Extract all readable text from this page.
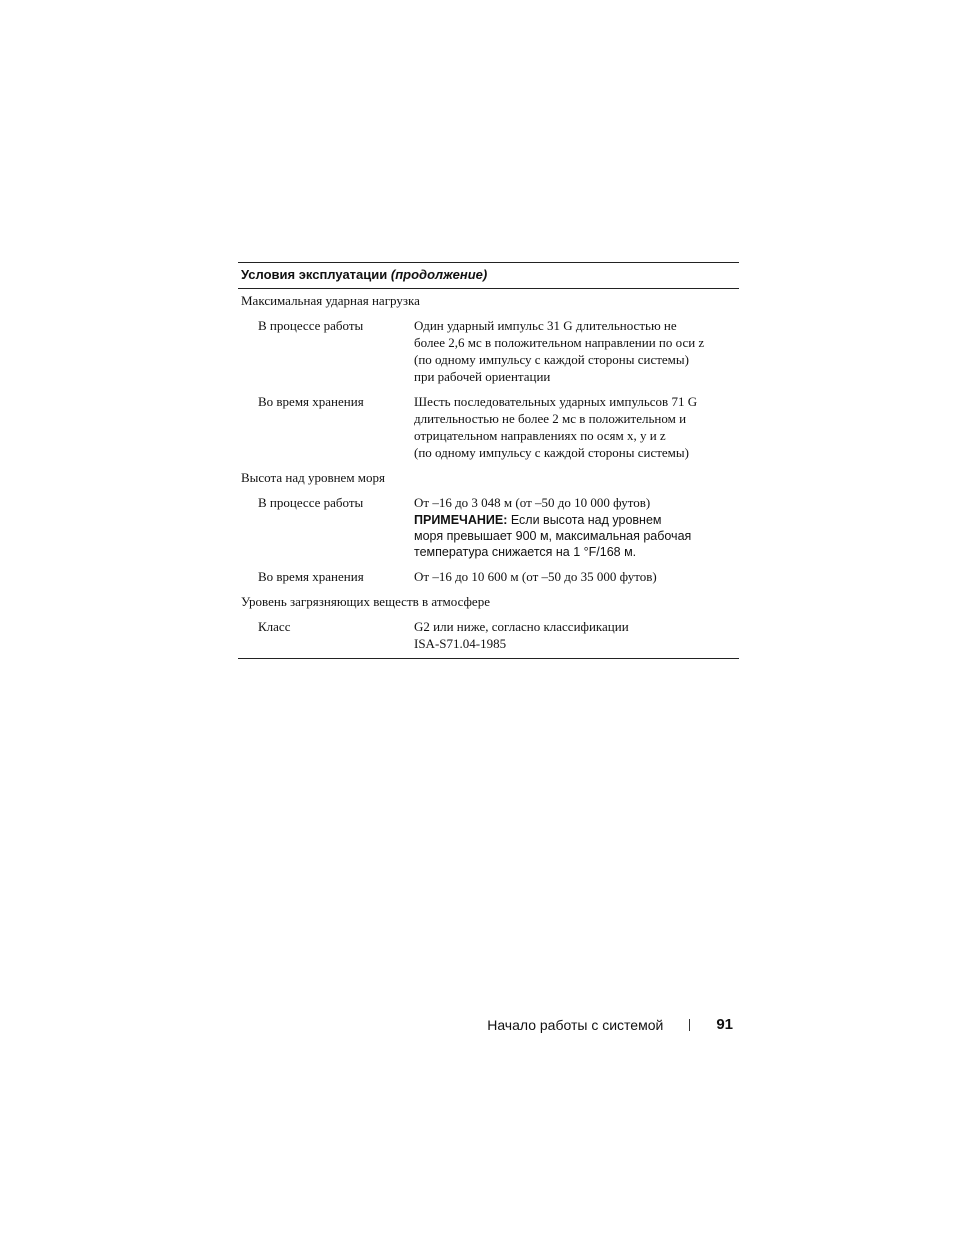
Условия эксплуатации (продолжение)
Максимальная ударная нагрузка
В процессе работы	Один ударный импульс 31 G длительностью не
более 2,6 мс в положительном направлении по оси z
(по одному импульсу с каждой стороны системы)
при рабочей ориентации
Во время хранения	Шесть последовательных ударных импульсов 71 G
длительностью не более 2 мс в положительном и
отрицательном направлениях по осям x, y и z
(по одному импульсу с каждой стороны системы)
Высота над уровнем моря
В процессе работы	От –16 до 3 048 м (от –50 до 10 000 футов)
ПРИМЕЧАНИЕ: Если высота над уровнем
моря превышает 900 м, максимальная рабочая
температура снижается на 1 °F/168 м.
Во время хранения	От –16 до 10 600 м (от –50 до 35 000 футов)
Уровень загрязняющих веществ в атмосфере
Класс	G2 или ниже, согласно классификации
ISA-S71.04-1985
Начало работы с системой	91
